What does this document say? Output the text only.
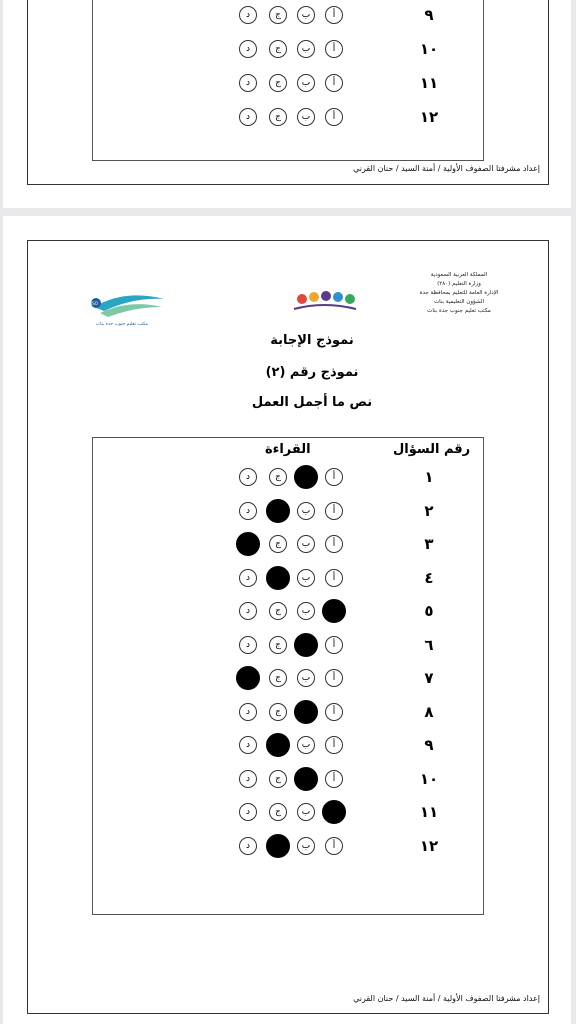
٩
أ
ب
ج
د
١٠
أ
ب
ج
د
١١
أ
ب
ج
د
١٢
أ
ب
ج
د
إعداد مشرفتا الصفوف الأولية / أمنة السيد / حنان القرني
المملكة العربية السعودية
وزارة التعليم (٢٨٠)
الإدارة العامة للتعليم بمحافظة جدة
الشؤون التعليمية بنات
مكتب تعليم جنوب جدة بنات
ISO
مكتب تعليم جنوب جدة بنات
نموذج الإجابة
نموذج رقم (٢)
نص ما أجمل العمل
رقم السؤال
القراءة
١
أ
ج
د
٢
أ
ب
د
٣
أ
ب
ج
٤
أ
ب
د
٥
ب
ج
د
٦
أ
ج
د
٧
أ
ب
ج
٨
أ
ج
د
٩
أ
ب
د
١٠
أ
ج
د
١١
ب
ج
د
١٢
أ
ب
د
إعداد مشرفتا الصفوف الأولية / أمنة السيد / حنان القرني
